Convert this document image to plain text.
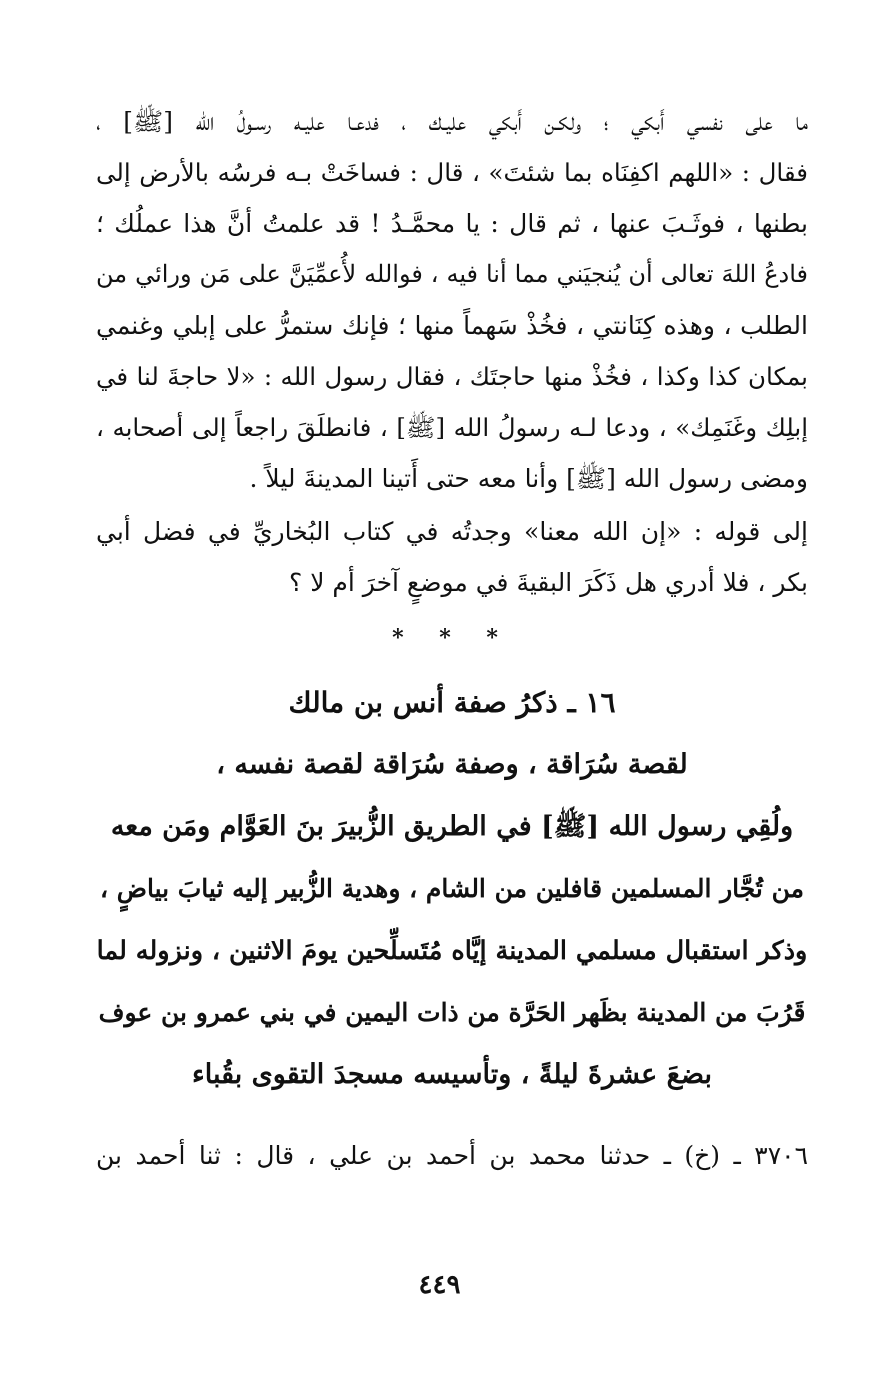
ما على نفسي أَبكي ؛ ولكـن أَبكي عليـك ، فدعـا عليـه رسـولُ الله [ﷺ] ،
فقال : «اللهم اكفِنَاه بما شئتَ» ، قال : فساخَتْ بـه فرسُه بالأرض إلى
بطنها ، فوثَـبَ عنها ، ثم قال : يا محمَّـدُ ! قد علمتُ أنَّ هذا عملُك ؛
فادعُ اللهَ تعالى أن يُنجيَني مما أنا فيه ، فوالله لأُعمِّيَنَّ على مَن ورائي من
الطلب ، وهذه كِنَانتي ، فخُذْ سَهماً منها ؛ فإنك ستمرُّ على إبلي وغنمي
بمكان كذا وكذا ، فخُذْ منها حاجتَك ، فقال رسول الله : «لا حاجةَ لنا في
إبلِك وغَنَمِك» ، ودعا لـه رسولُ الله [ﷺ] ، فانطلَقَ راجعاً إلى أصحابه ،
ومضى رسول الله [ﷺ] وأنا معه حتى أَتينا المدينةَ ليلاً .

إلى قوله : «إن الله معنا» وجدتُه في كتاب البُخاريِّ في فضل أبي
بكر ، فلا أدري هل ذَكَرَ البقيةَ في موضعٍ آخرَ أم لا ؟

* * *
١٦ ـ ذكرُ صفة أنس بن مالك
لقصة سُرَاقة ، وصفة سُرَاقة لقصة نفسه ،
ولُقِي رسول الله [ﷺ] في الطريق الزُّبيرَ بنَ العَوَّام ومَن معه
من تُجَّار المسلمين قافلين من الشام ، وهدية الزُّبير إليه ثيابَ بياضٍ ،
وذكر استقبال مسلمي المدينة إيَّاه مُتَسلِّحين يومَ الاثنين ، ونزوله لما
قَرُبَ من المدينة بظَهر الحَرَّة من ذات اليمين في بني عمرو بن عوف
بضعَ عشرةَ ليلةً ، وتأسيسه مسجدَ التقوى بقُباء

٣٧٠٦ ـ (خ) ـ حدثنا محمد بن أحمد بن علي ، قال : ثنا أحمد بن

٤٤٩
